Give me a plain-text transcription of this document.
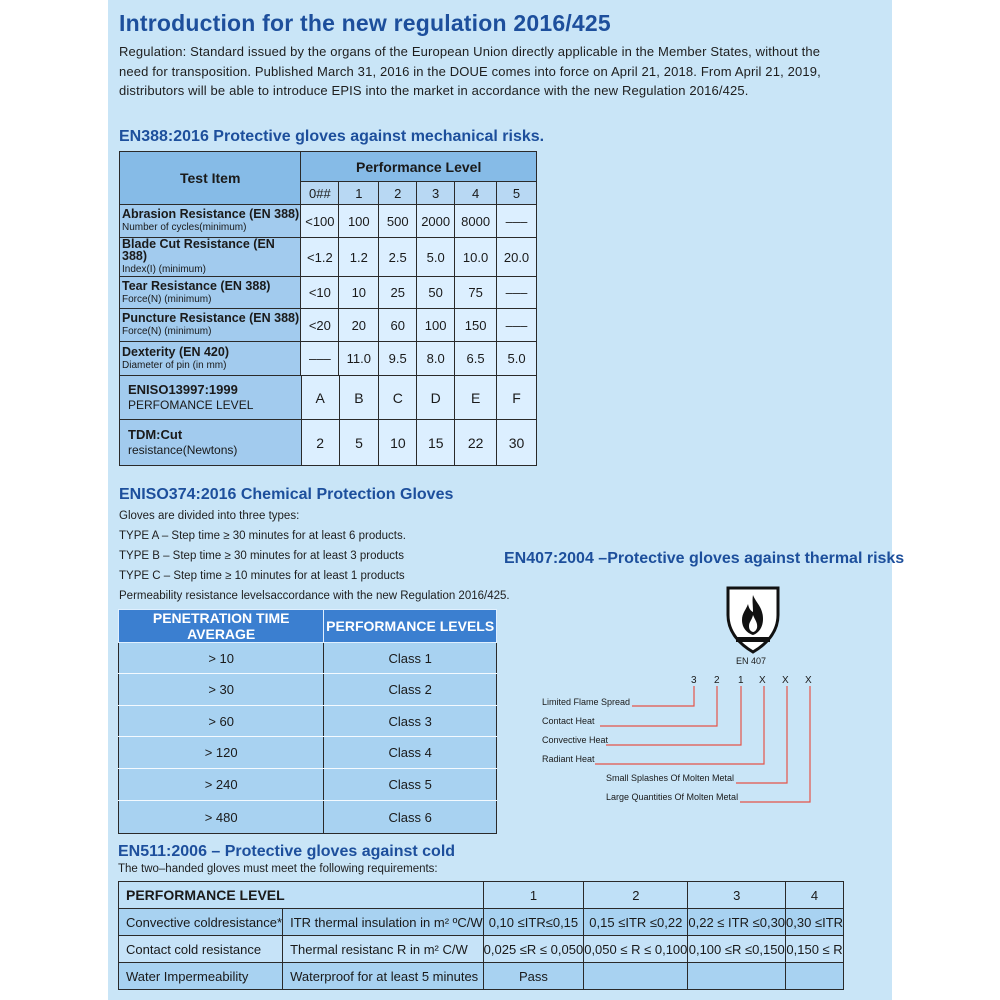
Introduction for the new regulation 2016/425
Regulation: Standard issued by the organs of the European Union directly applicable in the Member States, without the need for transposition. Published March 31, 2016 in the DOUE comes into force on April 21, 2018. From April 21, 2019, distributors will be able to introduce EPIS into the market in accordance with the new Regulation 2016/425.
EN388:2016 Protective gloves against mechanical risks.
Test Item	Performance Level					
	0##	1	2	3	4	5

Abrasion Resistance (EN 388)
Number of cycles(minimum)	<100	100	500	2000	8000	–––

Blade Cut Resistance (EN 388)
Index(I) (minimum)	<1.2	1.2	2.5	5.0	10.0	20.0

Tear Resistance (EN 388)
Force(N) (minimum)	<10	10	25	50	75	–––

Puncture Resistance (EN 388)
Force(N) (minimum)	<20	20	60	100	150	–––

Dexterity (EN 420)
Diameter of pin (in mm)	–––	11.0	9.5	8.0	6.5	5.0
ENISO13997:1999
PERFOMANCE LEVEL	A	B	C	D	E	F

TDM:Cut
resistance(Newtons)	2	5	10	15	22	30
ENISO374:2016 Chemical Protection Gloves
Gloves are divided into three types:
TYPE A – Step time ≥ 30 minutes for at least 6 products.
TYPE B – Step time ≥ 30 minutes for at least 3 products
TYPE C – Step time ≥ 10 minutes for at least 1 products
Permeability resistance levelsaccordance with the new Regulation 2016/425.
PENETRATION TIME AVERAGE	PERFORMANCE LEVELS
> 10	Class 1
> 30	Class 2
> 60	Class 3
> 120	Class 4
> 240	Class 5
> 480	Class 6
EN407:2004 –Protective gloves against thermal risks
EN 407
3 2 1 X X X
Limited Flame Spread
Contact Heat
Convective Heat
Radiant Heat
Small Splashes Of Molten Metal
Large Quantities Of Molten Metal
EN511:2006 – Protective gloves against cold
The two–handed gloves must meet the following requirements:
PERFORMANCE LEVEL		1	2	3	4
Convective coldresistance*	ITR thermal insulation in m² ºC/W	0,10 ≤ITR≤0,15	0,15 ≤ITR ≤0,22	0,22 ≤ ITR ≤0,30	0,30 ≤ITR
Contact cold resistance	Thermal resistanc R in m² C/W	0,025 ≤R ≤ 0,050	0,050 ≤ R ≤ 0,100	0,100 ≤R ≤0,150	0,150 ≤ R
Water Impermeability	Waterproof for at least 5 minutes	Pass			
